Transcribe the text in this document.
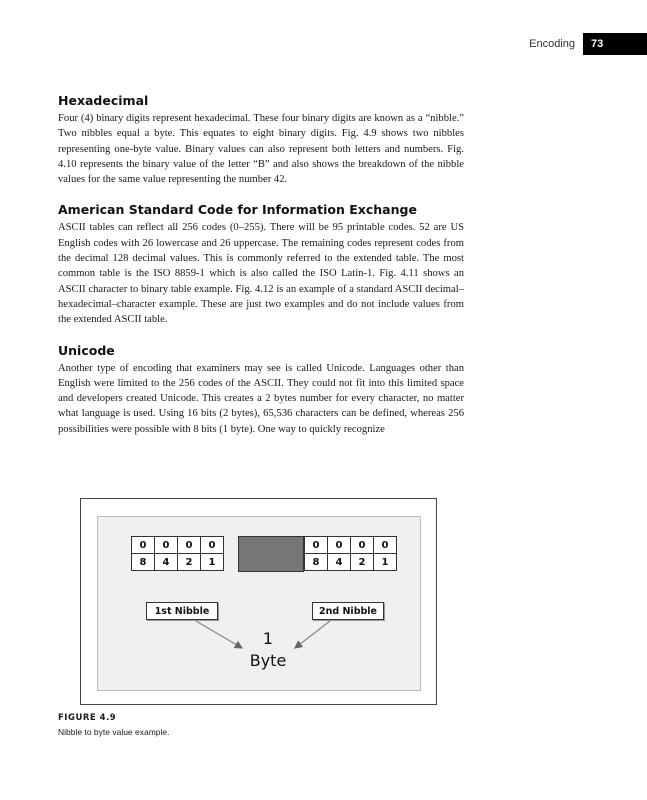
Encoding	73
Hexadecimal

Four (4) binary digits represent hexadecimal. These four binary digits are known as a “nibble.” Two nibbles equal a byte. This equates to eight binary digits. Fig. 4.9 shows two nibbles representing one-byte value. Binary values can also represent both letters and numbers. Fig. 4.10 represents the binary value of the letter “B” and also shows the breakdown of the nibble values for the same value representing the number 42.

American Standard Code for Information Exchange

ASCII tables can reflect all 256 codes (0–255). There will be 95 printable codes. 52 are US English codes with 26 lowercase and 26 uppercase. The remaining codes represent codes from the decimal 128 decimal values. This is commonly referred to the extended table. The most common table is the ISO 8859-1 which is also called the ISO Latin-1. Fig. 4.11 shows an ASCII character to binary table example. Fig. 4.12 is an example of a standard ASCII decimal–hexadecimal–character example. These are just two examples and do not include values from the extended ASCII table.

Unicode

Another type of encoding that examiners may see is called Unicode. Languages other than English were limited to the 256 codes of the ASCII. They could not fit into this limited space and developers created Unicode. This creates a 2 bytes number for every character, no matter what language is used. Using 16 bits (2 bytes), 65,536 characters can be defined, whereas 256 possibilities were possible with 8 bits (1 byte). One way to quickly recognize

0	0	0	0
8	4	2	1
0	0	0	0
8	4	2	1
1st Nibble	2nd Nibble
1
Byte
FIGURE 4.9
Nibble to byte value example.
